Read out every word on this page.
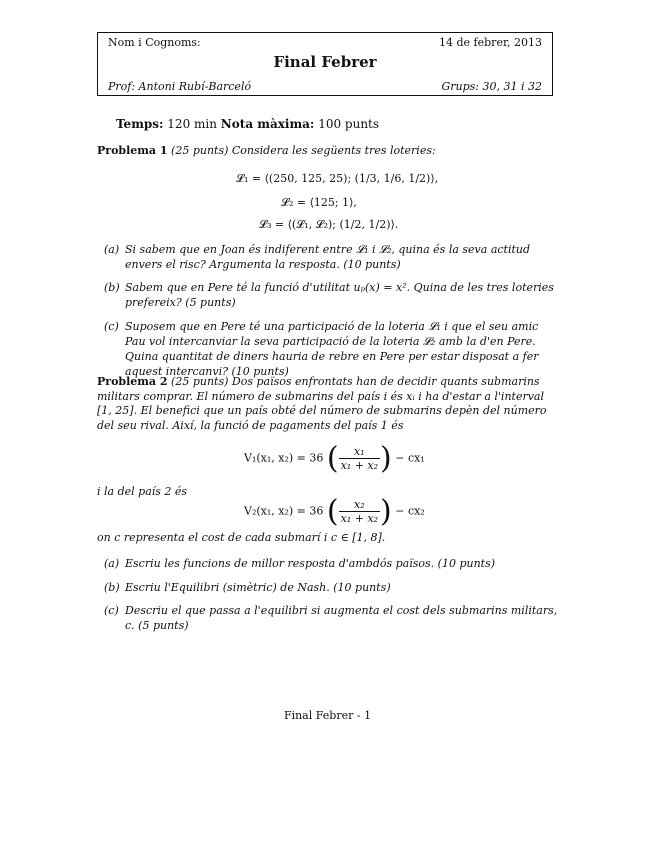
Nom i Cognoms:	14 de febrer, 2013
Final Febrer
Prof: Antoni Rubí-Barceló	Grups: 30, 31 i 32
Temps: 120 min Nota màxima: 100 punts
Problema 1 (25 punts) Considera les següents tres loteries:
𝓛₁ = ⟨(250, 125, 25); (1/3, 1/6, 1/2)⟩,
𝓛₂ = ⟨125; 1⟩,
𝓛₃ = ⟨(𝓛₁, 𝓛₂); (1/2, 1/2)⟩.
(a) Si sabem que en Joan és indiferent entre 𝓛₁ i 𝓛₂, quina és la seva actitud envers el risc? Argumenta la resposta. (10 punts)
(b) Sabem que en Pere té la funció d'utilitat uₚ(x) = x². Quina de les tres loteries prefereix? (5 punts)
(c) Suposem que en Pere té una participació de la loteria 𝓛₁ i que el seu amic Pau vol intercanviar la seva participació de la loteria 𝓛₂ amb la d'en Pere. Quina quantitat de diners hauria de rebre en Pere per estar disposat a fer aquest intercanvi? (10 punts)
Problema 2 (25 punts) Dos països enfrontats han de decidir quants submarins militars comprar. El número de submarins del país i és xᵢ i ha d'estar a l'interval [1, 25]. El benefici que un país obté del número de submarins depèn del número del seu rival. Així, la funció de pagaments del país 1 és
V₁(x₁, x₂) = 36 ( $\frac{\text{x₁}}{\text{x₁ + x₂}}$ ) − cx₁
i la del país 2 és
V₂(x₁, x₂) = 36 ( $\frac{\text{x₂}}{\text{x₁ + x₂}}$ ) − cx₂
on c representa el cost de cada submarí i c ∈ [1, 8].
(a) Escriu les funcions de millor resposta d'ambdós països. (10 punts)
(b) Escriu l'Equilibri (simètric) de Nash. (10 punts)
(c) Descriu el que passa a l'equilibri si augmenta el cost dels submarins militars, c. (5 punts)
Final Febrer - 1
